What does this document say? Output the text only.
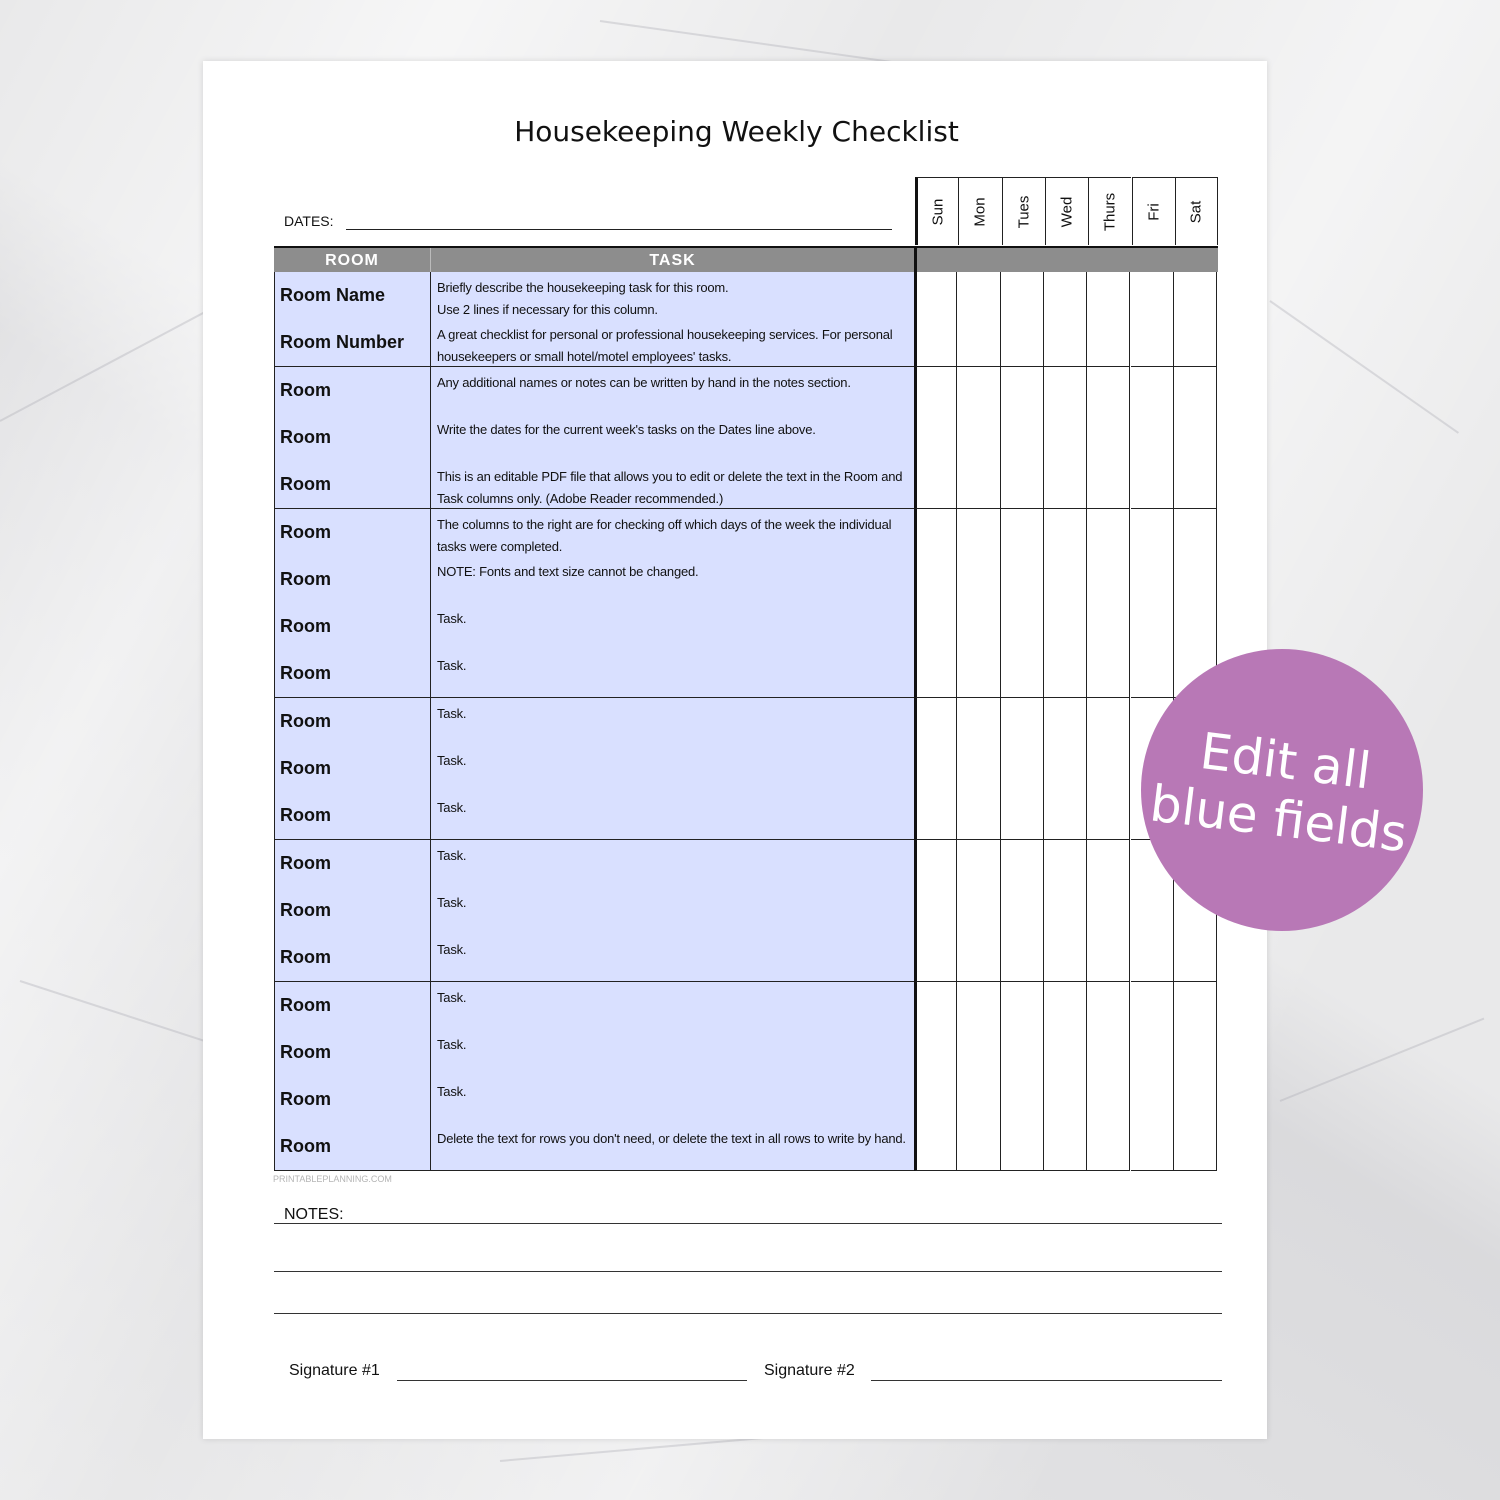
Housekeeping Weekly Checklist
DATES:	Sun Mon Tues Wed Thurs Fri Sat
ROOM	TASK
Room Name	Briefly describe the housekeeping task for this room.
Use 2 lines if necessary for this column.
Room Number	A great checklist for personal or professional housekeeping services. For personal housekeepers or small hotel/motel employees' tasks.
Room	Any additional names or notes can be written by hand in the notes section.
Room	Write the dates for the current week's tasks on the Dates line above.
Room	This is an editable PDF file that allows you to edit or delete the text in the Room and Task columns only. (Adobe Reader recommended.)
Room	The columns to the right are for checking off which days of the week the individual tasks were completed.
Room	NOTE: Fonts and text size cannot be changed.
Room	Task.
Room	Task.
Room	Task.
Room	Task.
Room	Task.
Room	Task.
Room	Task.
Room	Task.
Room	Task.
Room	Task.
Room	Task.
Room	Delete the text for rows you don't need, or delete the text in all rows to write by hand.
PRINTABLEPLANNING.COM
NOTES:
Signature #1	Signature #2
Edit all blue fields
